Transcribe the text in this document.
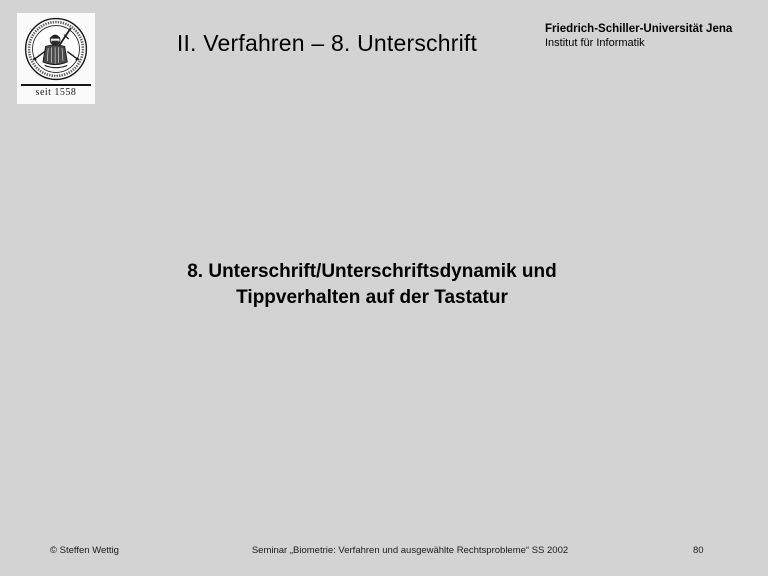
seit 1558
II. Verfahren – 8. Unterschrift
Friedrich-Schiller-Universität Jena
Institut für Informatik
8. Unterschrift/Unterschriftsdynamik und
Tippverhalten auf der Tastatur
© Steffen Wettig	Seminar „Biometrie: Verfahren und ausgewählte Rechtsprobleme“ SS 2002	80
